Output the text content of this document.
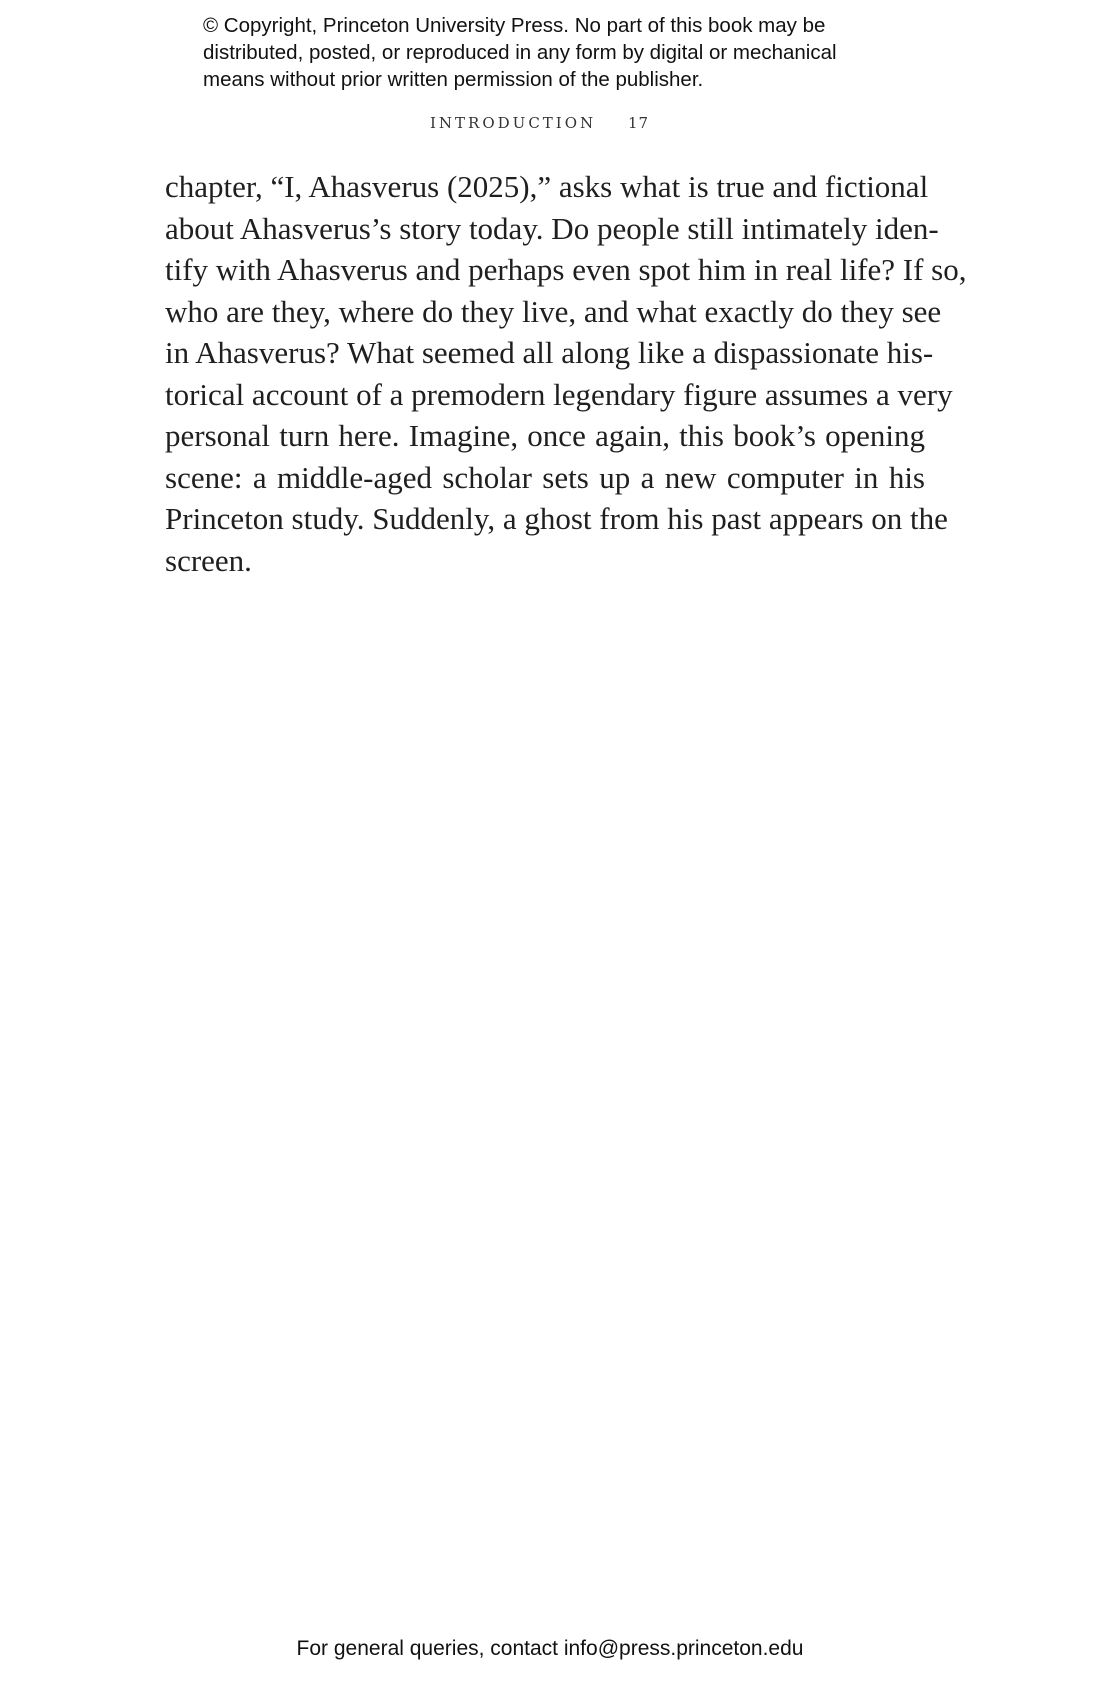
© Copyright, Princeton University Press. No part of this book may be
distributed, posted, or reproduced in any form by digital or mechanical
means without prior written permission of the publisher.
INTRODUCTION 17
chapter, “I, Ahasverus (2025),” asks what is true and fictional
about Ahasverus’s story today. Do people still intimately iden-
tify with Ahasverus and perhaps even spot him in real life? If so,
who are they, where do they live, and what exactly do they see
in Ahasverus? What seemed all along like a dispassionate his-
torical account of a premodern legendary figure assumes a very
personal turn here. Imagine, once again, this book’s opening
scene: a middle-aged scholar sets up a new computer in his
Princeton study. Suddenly, a ghost from his past appears on the
screen.
For general queries, contact info@press.princeton.edu
